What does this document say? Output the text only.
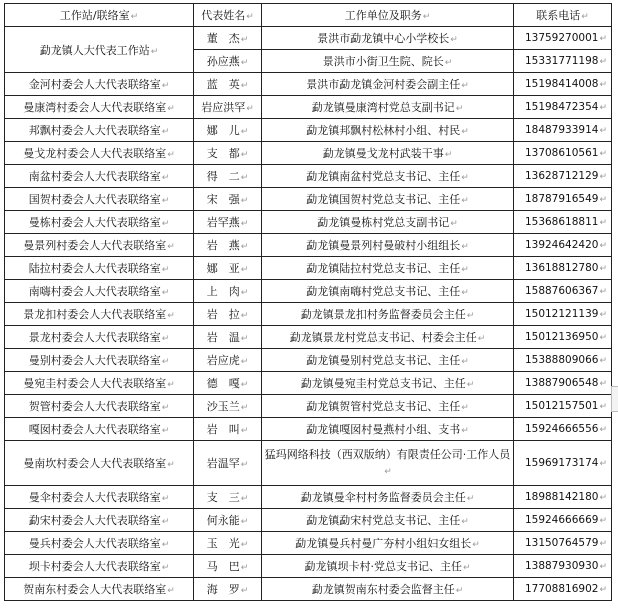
工作站/联络室↵	代表姓名↵	工作单位及职务↵	联系电话↵
勐龙镇人大代表工作站↵	董　杰↵	景洪市勐龙镇中心小学校长↵	13759270001↵
	孙应燕↵	景洪市小街卫生院、院长↵	15331771198↵
金河村委会人大代表联络室↵	蓝　英↵	景洪市勐龙镇金河村委会副主任↵	15198414008↵
曼康湾村委会人大代表联络室↵	岩应洪罕↵	勐龙镇曼康湾村党总支副书记↵	15198472354↵
邦飘村委会人大代表联络室↵	娜　儿↵	勐龙镇邦飘村松林村小组、村民↵	18487933914↵
曼戈龙村委会人大代表联络室↵	支　都↵	勐龙镇曼戈龙村武装干事↵	13708610561↵
南盆村委会人大代表联络室↵	得　二↵	勐龙镇南盆村党总支书记、主任↵	13628712129↵
国贺村委会人大代表联络室↵	宋　强↵	勐龙镇国贺村党总支书记、主任↵	18787916549↵
曼栋村委会人大代表联络室↵	岩罕燕↵	勐龙镇曼栋村党总支副书记↵	15368618811↵
曼景列村委会人大代表联络室↵	岩　燕↵	勐龙镇曼景列村曼破村小组组长↵	13924642420↵
陆拉村委会人大代表联络室↵	娜　亚↵	勐龙镇陆拉村党总支书记、主任↵	13618812780↵
南嗨村委会人大代表联络室↵	上　肉↵	勐龙镇南嗨村党总支书记、主任↵	15887606367↵
景龙扣村委会人大代表联络室↵	岩　拉↵	勐龙镇景龙扣村务监督委员会主任↵	15012121139↵
景龙村委会人大代表联络室↵	岩　温↵	勐龙镇景龙村党总支书记、村委会主任↵	15012136950↵
曼别村委会人大代表联络室↵	岩应虎↵	勐龙镇曼别村党总支书记、主任↵	15388809066↵
曼宛圭村委会人大代表联络室↵	德　嘎↵	勐龙镇曼宛圭村党总支书记、主任↵	13887906548↵
贺管村委会人大代表联络室↵	沙玉兰↵	勐龙镇贺管村党总支书记、主任↵	15012157501↵
嘎囡村委会人大代表联络室↵	岩　叫↵	勐龙镇嘎囡村曼燕村小组、支书↵	15924666556↵
曼南坎村委会人大代表联络室↵	岩温罕↵	猛玛网络科技（西双版纳）有限责任公司·工作人员↵	15969173174↵
曼伞村委会人大代表联络室↵	支　三↵	勐龙镇曼伞村村务监督委员会主任↵	18988142180↵
勐宋村委会人大代表联络室↵	何永能↵	勐龙镇勐宋村党总支书记、主任↵	15924666669↵
曼兵村委会人大代表联络室↵	玉　光↵	勐龙镇曼兵村曼广夯村小组妇女组长↵	13150764579↵
坝卡村委会人大代表联络室↵	马　巴↵	勐龙镇坝卡村·党总支书记、主任↵	13887930930↵
贺南东村委会人大代表联络室↵	海　罗↵	勐龙镇贺南东村委会监督主任↵	17708816902↵
